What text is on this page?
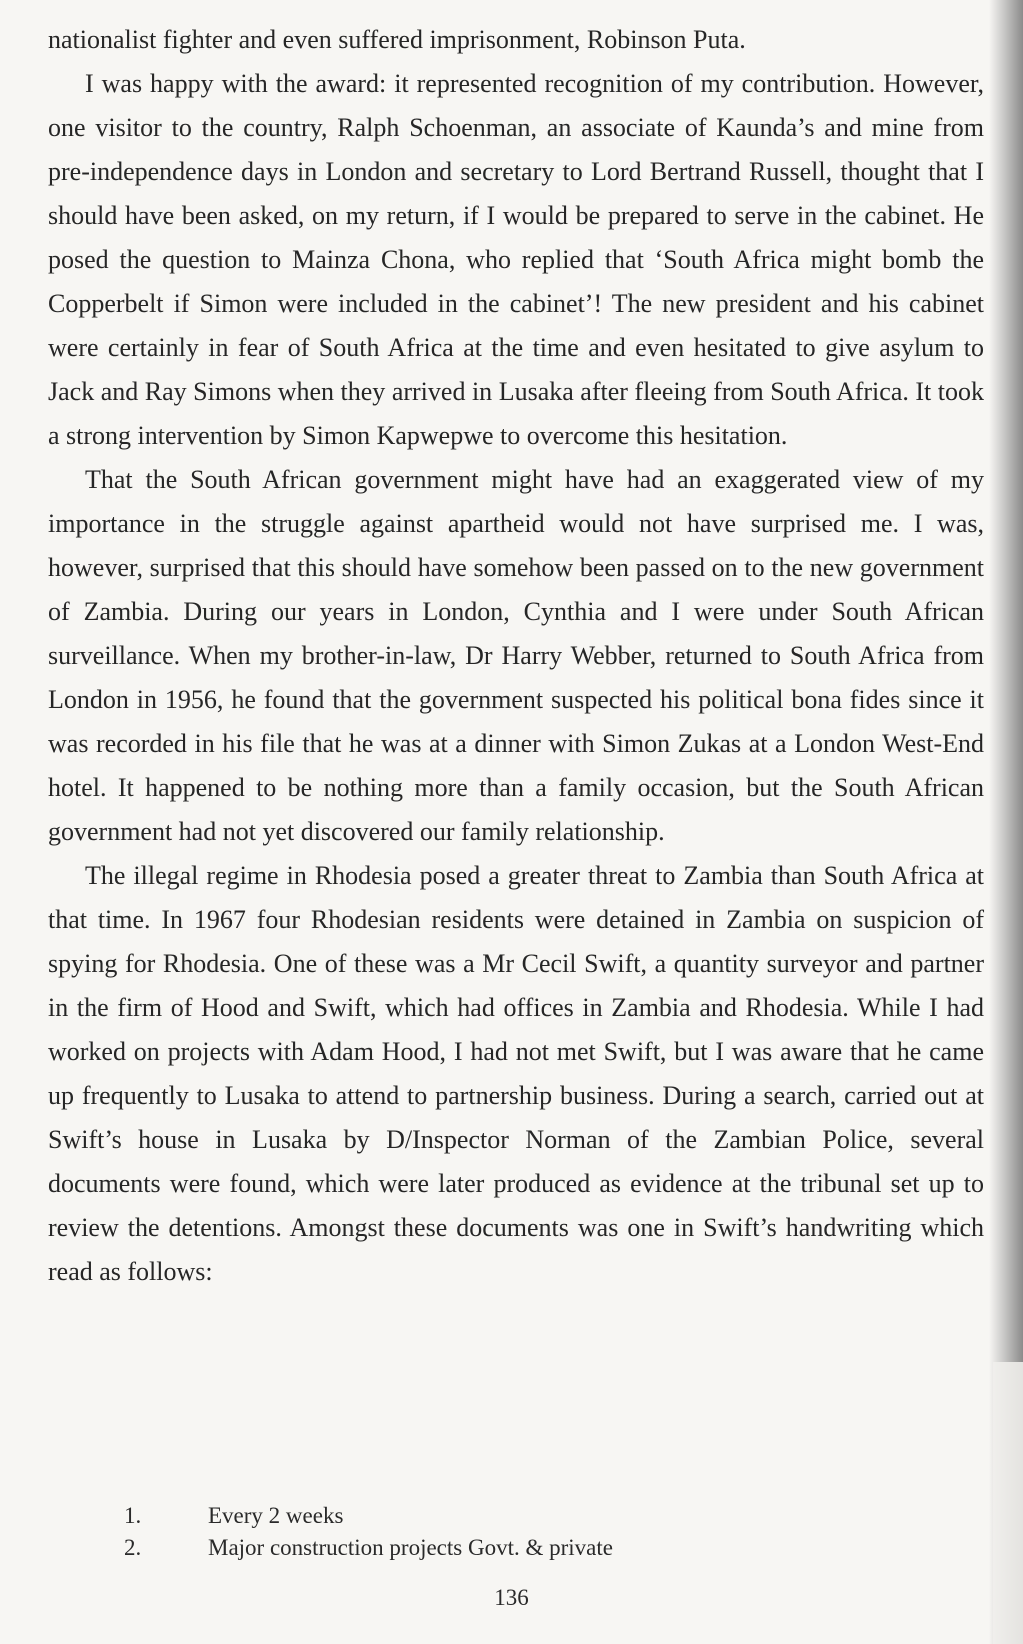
nationalist fighter and even suffered imprisonment, Robinson Puta.

I was happy with the award: it represented recognition of my contribution. However, one visitor to the country, Ralph Schoenman, an associate of Kaunda’s and mine from pre-independence days in London and secretary to Lord Bertrand Russell, thought that I should have been asked, on my return, if I would be prepared to serve in the cabinet. He posed the question to Mainza Chona, who replied that ‘South Africa might bomb the Copperbelt if Simon were included in the cabinet’! The new president and his cabinet were certainly in fear of South Africa at the time and even hesitated to give asylum to Jack and Ray Simons when they arrived in Lusaka after fleeing from South Africa. It took a strong intervention by Simon Kapwepwe to overcome this hesitation.

That the South African government might have had an exaggerated view of my importance in the struggle against apartheid would not have surprised me. I was, however, surprised that this should have somehow been passed on to the new government of Zambia. During our years in London, Cynthia and I were under South African surveillance. When my brother-in-law, Dr Harry Webber, returned to South Africa from London in 1956, he found that the government suspected his political bona fides since it was recorded in his file that he was at a dinner with Simon Zukas at a London West-End hotel. It happened to be nothing more than a family occasion, but the South African government had not yet discovered our family relationship.

The illegal regime in Rhodesia posed a greater threat to Zambia than South Africa at that time. In 1967 four Rhodesian residents were detained in Zambia on suspicion of spying for Rhodesia. One of these was a Mr Cecil Swift, a quantity surveyor and partner in the firm of Hood and Swift, which had offices in Zambia and Rhodesia. While I had worked on projects with Adam Hood, I had not met Swift, but I was aware that he came up frequently to Lusaka to attend to partnership business. During a search, carried out at Swift’s house in Lusaka by D/Inspector Norman of the Zambian Police, several documents were found, which were later produced as evidence at the tribunal set up to review the detentions. Amongst these documents was one in Swift’s handwriting which read as follows:

1.	Every 2 weeks
2.	Major construction projects Govt. & private
136
